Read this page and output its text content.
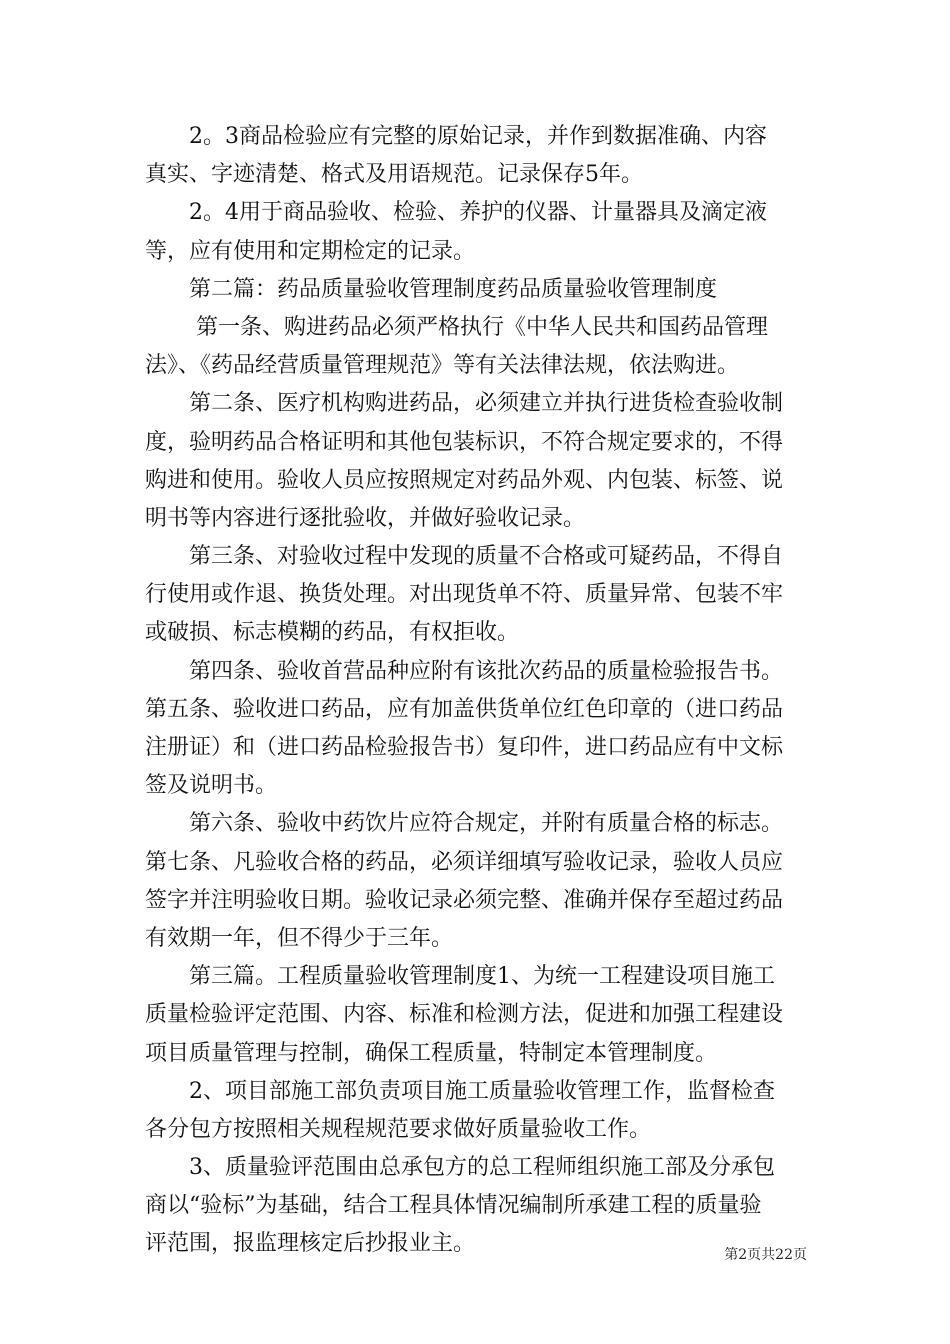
　　2。3商品检验应有完整的原始记录，并作到数据准确、内容
真实、字迹清楚、格式及用语规范。记录保存5年。
　　2。4用于商品验收、检验、养护的仪器、计量器具及滴定液
等，应有使用和定期检定的记录。
　　第二篇：药品质量验收管理制度药品质量验收管理制度
　　 第一条、购进药品必须严格执行《中华人民共和国药品管理
法》、《药品经营质量管理规范》等有关法律法规，依法购进。
　　第二条、医疗机构购进药品，必须建立并执行进货检查验收制
度，验明药品合格证明和其他包装标识，不符合规定要求的，不得
购进和使用。验收人员应按照规定对药品外观、内包装、标签、说
明书等内容进行逐批验收，并做好验收记录。
　　第三条、对验收过程中发现的质量不合格或可疑药品，不得自
行使用或作退、换货处理。对出现货单不符、质量异常、包装不牢
或破损、标志模糊的药品，有权拒收。
　　第四条、验收首营品种应附有该批次药品的质量检验报告书。
第五条、验收进口药品，应有加盖供货单位红色印章的（进口药品
注册证）和（进口药品检验报告书）复印件，进口药品应有中文标
签及说明书。
　　第六条、验收中药饮片应符合规定，并附有质量合格的标志。
第七条、凡验收合格的药品，必须详细填写验收记录，验收人员应
签字并注明验收日期。验收记录必须完整、准确并保存至超过药品
有效期一年，但不得少于三年。
　　第三篇。工程质量验收管理制度1、为统一工程建设项目施工
质量检验评定范围、内容、标准和检测方法，促进和加强工程建设
项目质量管理与控制，确保工程质量，特制定本管理制度。
　　2、项目部施工部负责项目施工质量验收管理工作，监督检查
各分包方按照相关规程规范要求做好质量验收工作。
　　3、质量验评范围由总承包方的总工程师组织施工部及分承包
商以“验标”为基础，结合工程具体情况编制所承建工程的质量验
评范围，报监理核定后抄报业主。	第2页共22页
